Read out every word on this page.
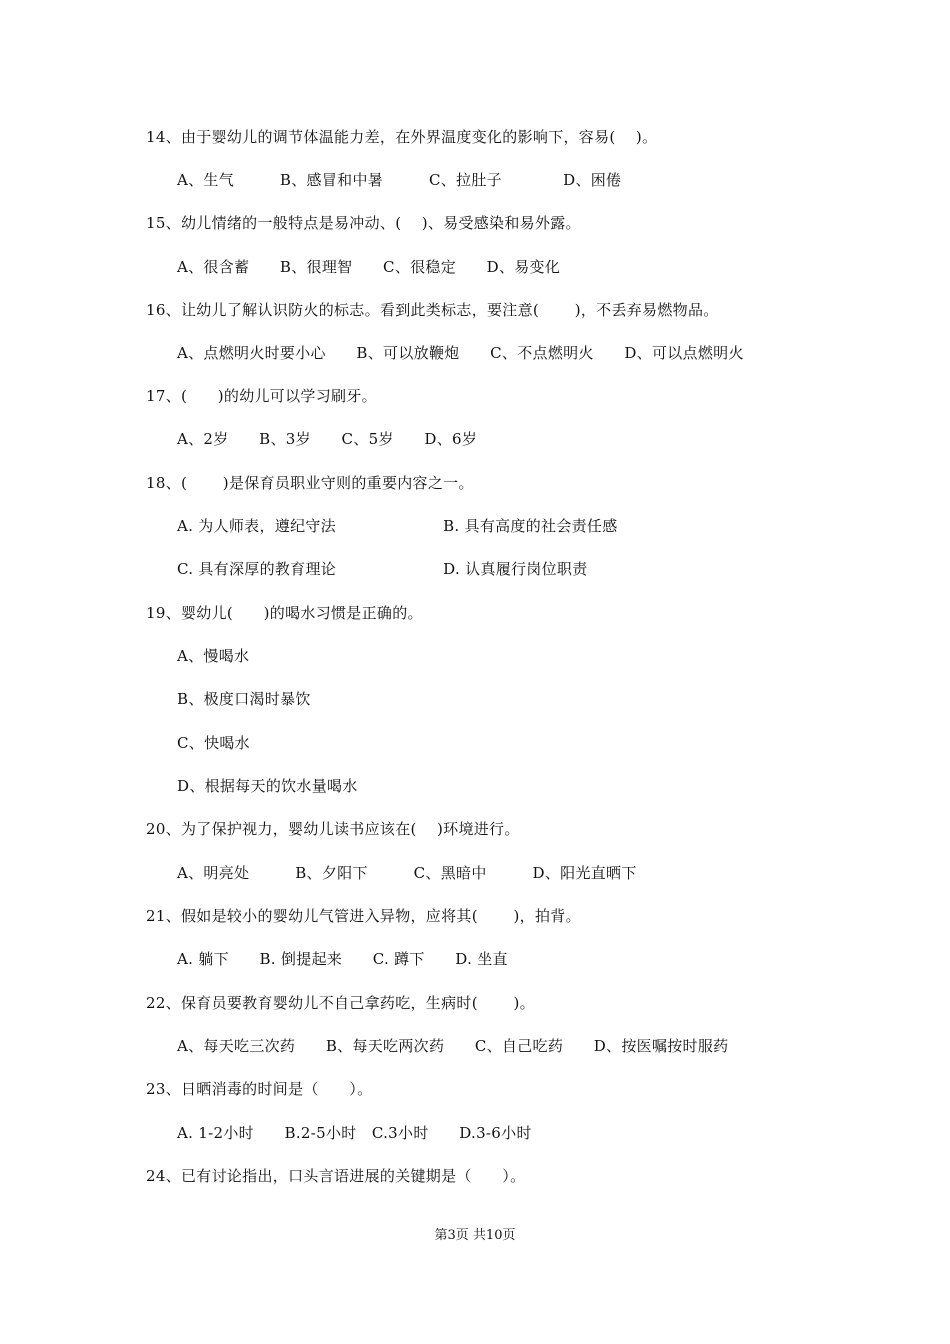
14、由于婴幼儿的调节体温能力差，在外界温度变化的影响下，容易(　 )。
A、生气　　　B、感冒和中暑　　　C、拉肚子　　　　D、困倦
15、幼儿情绪的一般特点是易冲动、(　 )、易受感染和易外露。
A、很含蓄　　B、很理智　　C、很稳定　　D、易变化
16、让幼儿了解认识防火的标志。看到此类标志，要注意(　　 )，不丢弃易燃物品。
A、点燃明火时要小心　　B、可以放鞭炮　　C、不点燃明火　　D、可以点燃明火
17、(　　)的幼儿可以学习刷牙。
A、2岁　　B、3岁　　C、5岁　　D、6岁
18、(　　 )是保育员职业守则的重要内容之一。
A. 为人师表，遵纪守法　　　　　　　B. 具有高度的社会责任感
C. 具有深厚的教育理论　　　　　　　D. 认真履行岗位职责
19、婴幼儿(　　)的喝水习惯是正确的。
A、慢喝水
B、极度口渴时暴饮
C、快喝水
D、根据每天的饮水量喝水
20、为了保护视力，婴幼儿读书应该在(　 )环境进行。
A、明亮处　　　B、夕阳下　　　C、黑暗中　　　D、阳光直晒下
21、假如是较小的婴幼儿气管进入异物，应将其(　　 )，拍背。
A. 躺下　　B. 倒提起来　　C. 蹲下　　D. 坐直
22、保育员要教育婴幼儿不自己拿药吃，生病时(　　 )。
A、每天吃三次药　　B、每天吃两次药　　C、自己吃药　　D、按医嘱按时服药
23、日晒消毒的时间是（　　）。
A. 1-2小时　　B.2-5小时　C.3小时　　D.3-6小时
24、已有讨论指出，口头言语进展的关键期是（　　）。
第3页 共10页
